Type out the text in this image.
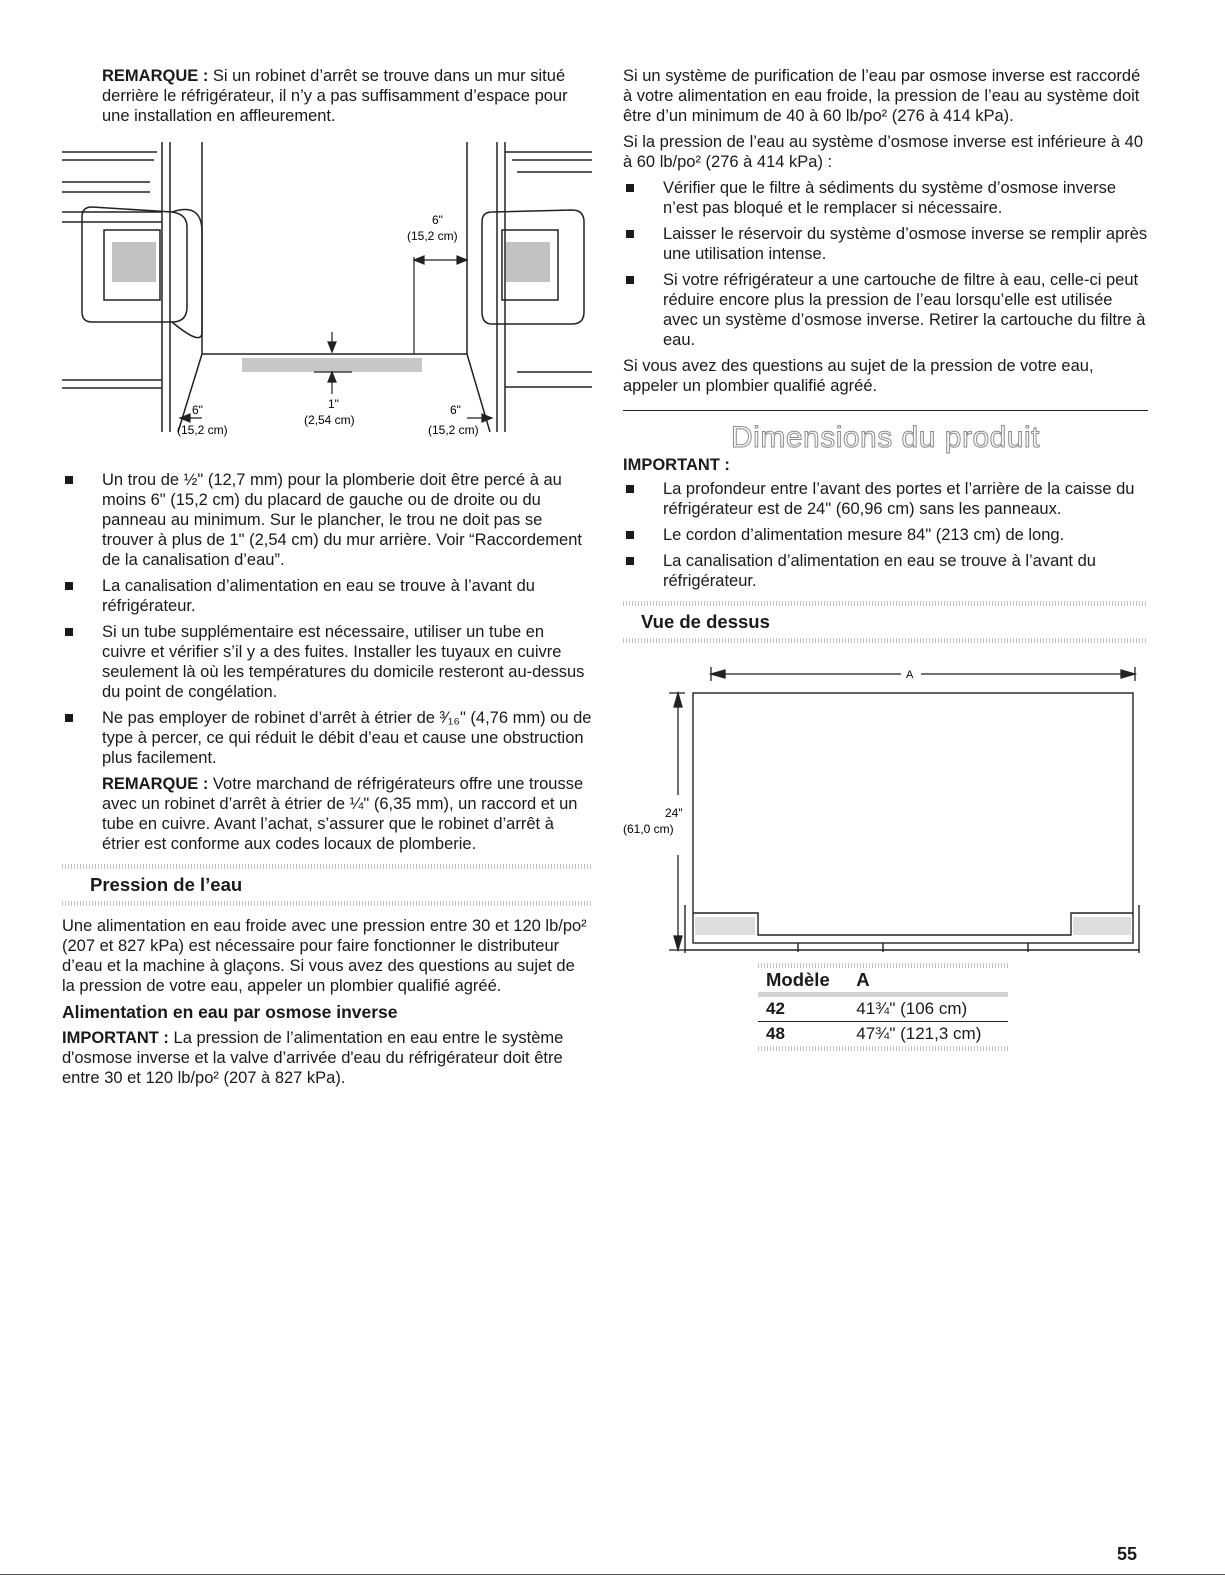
REMARQUE : Si un robinet d’arrêt se trouve dans un mur situé derrière le réfrigérateur, il n’y a pas suffisamment d’espace pour une installation en affleurement.

6"
(15,2 cm)
1"
(2,54 cm)
6"
(15,2 cm)
6"
(15,2 cm)
Un trou de ½" (12,7 mm) pour la plomberie doit être percé à au moins 6" (15,2 cm) du placard de gauche ou de droite ou du panneau au minimum. Sur le plancher, le trou ne doit pas se trouver à plus de 1" (2,54 cm) du mur arrière. Voir “Raccordement de la canalisation d’eau”.
La canalisation d’alimentation en eau se trouve à l’avant du réfrigérateur.
Si un tube supplémentaire est nécessaire, utiliser un tube en cuivre et vérifier s’il y a des fuites. Installer les tuyaux en cuivre seulement là où les températures du domicile resteront au-dessus du point de congélation.
Ne pas employer de robinet d’arrêt à étrier de ³⁄₁₆" (4,76 mm) ou de type à percer, ce qui réduit le débit d’eau et cause une obstruction plus facilement.

REMARQUE : Votre marchand de réfrigérateurs offre une trousse avec un robinet d’arrêt à étrier de ¼" (6,35 mm), un raccord et un tube en cuivre. Avant l’achat, s’assurer que le robinet d’arrêt à étrier est conforme aux codes locaux de plomberie.

Pression de l’eau

Une alimentation en eau froide avec une pression entre 30 et 120 lb/po² (207 et 827 kPa) est nécessaire pour faire fonctionner le distributeur d’eau et la machine à glaçons. Si vous avez des questions au sujet de la pression de votre eau, appeler un plombier qualifié agréé.

Alimentation en eau par osmose inverse

IMPORTANT : La pression de l’alimentation en eau entre le système d'osmose inverse et la valve d’arrivée d'eau du réfrigérateur doit être entre 30 et 120 lb/po² (207 à 827 kPa).

Si un système de purification de l’eau par osmose inverse est raccordé à votre alimentation en eau froide, la pression de l’eau au système doit être d’un minimum de 40 à 60 lb/po² (276 à 414 kPa).

Si la pression de l’eau au système d’osmose inverse est inférieure à 40 à 60 lb/po² (276 à 414 kPa) :

Vérifier que le filtre à sédiments du système d’osmose inverse n’est pas bloqué et le remplacer si nécessaire.
Laisser le réservoir du système d’osmose inverse se remplir après une utilisation intense.
Si votre réfrigérateur a une cartouche de filtre à eau, celle-ci peut réduire encore plus la pression de l’eau lorsqu’elle est utilisée avec un système d’osmose inverse. Retirer la cartouche du filtre à eau.

Si vous avez des questions au sujet de la pression de votre eau, appeler un plombier qualifié agréé.

Dimensions du produit
IMPORTANT :
La profondeur entre l’avant des portes et l’arrière de la caisse du réfrigérateur est de 24" (60,96 cm) sans les panneaux.
Le cordon d’alimentation mesure 84" (213 cm) de long.
La canalisation d’alimentation en eau se trouve à l’avant du réfrigérateur.
Vue de dessus
A
24"
(61,0 cm)
Modèle	A
42	41¾" (106 cm)
48	47¾" (121,3 cm)
55
